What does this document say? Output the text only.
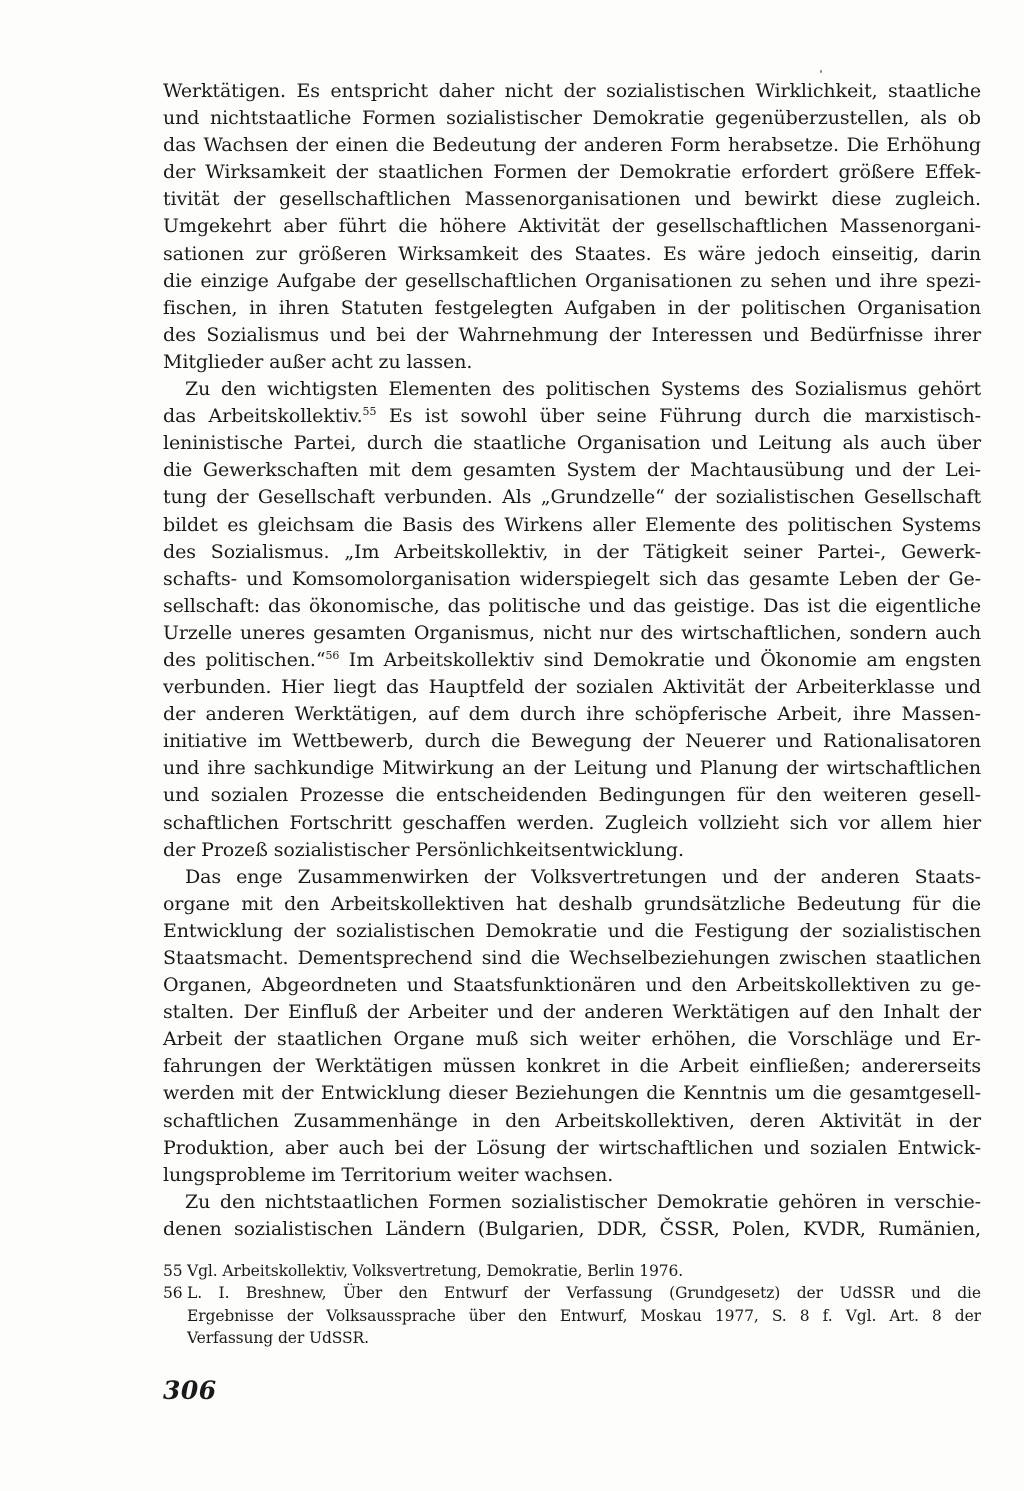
Werktätigen. Es entspricht daher nicht der sozialistischen Wirklichkeit, staatliche
und nichtstaatliche Formen sozialistischer Demokratie gegenüberzustellen, als ob
das Wachsen der einen die Bedeutung der anderen Form herabsetze. Die Erhöhung
der Wirksamkeit der staatlichen Formen der Demokratie erfordert größere Effek-
tivität der gesellschaftlichen Massenorganisationen und bewirkt diese zugleich.
Umgekehrt aber führt die höhere Aktivität der gesellschaftlichen Massenorgani-
sationen zur größeren Wirksamkeit des Staates. Es wäre jedoch einseitig, darin
die einzige Aufgabe der gesellschaftlichen Organisationen zu sehen und ihre spezi-
fischen, in ihren Statuten festgelegten Aufgaben in der politischen Organisation
des Sozialismus und bei der Wahrnehmung der Interessen und Bedürfnisse ihrer
Mitglieder außer acht zu lassen.

Zu den wichtigsten Elementen des politischen Systems des Sozialismus gehört
das Arbeitskollektiv.$^{55}$ Es ist sowohl über seine Führung durch die marxistisch-
leninistische Partei, durch die staatliche Organisation und Leitung als auch über
die Gewerkschaften mit dem gesamten System der Machtausübung und der Lei-
tung der Gesellschaft verbunden. Als „Grundzelle“ der sozialistischen Gesellschaft
bildet es gleichsam die Basis des Wirkens aller Elemente des politischen Systems
des Sozialismus. „Im Arbeitskollektiv, in der Tätigkeit seiner Partei-, Gewerk-
schafts- und Komsomolorganisation widerspiegelt sich das gesamte Leben der Ge-
sellschaft: das ökonomische, das politische und das geistige. Das ist die eigentliche
Urzelle uneres gesamten Organismus, nicht nur des wirtschaftlichen, sondern auch
des politischen.“$^{56}$ Im Arbeitskollektiv sind Demokratie und Ökonomie am engsten
verbunden. Hier liegt das Hauptfeld der sozialen Aktivität der Arbeiterklasse und
der anderen Werktätigen, auf dem durch ihre schöpferische Arbeit, ihre Massen-
initiative im Wettbewerb, durch die Bewegung der Neuerer und Rationalisatoren
und ihre sachkundige Mitwirkung an der Leitung und Planung der wirtschaftlichen
und sozialen Prozesse die entscheidenden Bedingungen für den weiteren gesell-
schaftlichen Fortschritt geschaffen werden. Zugleich vollzieht sich vor allem hier
der Prozeß sozialistischer Persönlichkeitsentwicklung.

Das enge Zusammenwirken der Volksvertretungen und der anderen Staats-
organe mit den Arbeitskollektiven hat deshalb grundsätzliche Bedeutung für die
Entwicklung der sozialistischen Demokratie und die Festigung der sozialistischen
Staatsmacht. Dementsprechend sind die Wechselbeziehungen zwischen staatlichen
Organen, Abgeordneten und Staatsfunktionären und den Arbeitskollektiven zu ge-
stalten. Der Einfluß der Arbeiter und der anderen Werktätigen auf den Inhalt der
Arbeit der staatlichen Organe muß sich weiter erhöhen, die Vorschläge und Er-
fahrungen der Werktätigen müssen konkret in die Arbeit einfließen; andererseits
werden mit der Entwicklung dieser Beziehungen die Kenntnis um die gesamtgesell-
schaftlichen Zusammenhänge in den Arbeitskollektiven, deren Aktivität in der
Produktion, aber auch bei der Lösung der wirtschaftlichen und sozialen Entwick-
lungsprobleme im Territorium weiter wachsen.

Zu den nichtstaatlichen Formen sozialistischer Demokratie gehören in verschie-
denen sozialistischen Ländern (Bulgarien, DDR, ČSSR, Polen, KVDR, Rumänien,

55 Vgl. Arbeitskollektiv, Volksvertretung, Demokratie, Berlin 1976.
56 L. I. Breshnew, Über den Entwurf der Verfassung (Grundgesetz) der UdSSR und die
Ergebnisse der Volksaussprache über den Entwurf, Moskau 1977, S. 8 f. Vgl. Art. 8 der
Verfassung der UdSSR.
306
